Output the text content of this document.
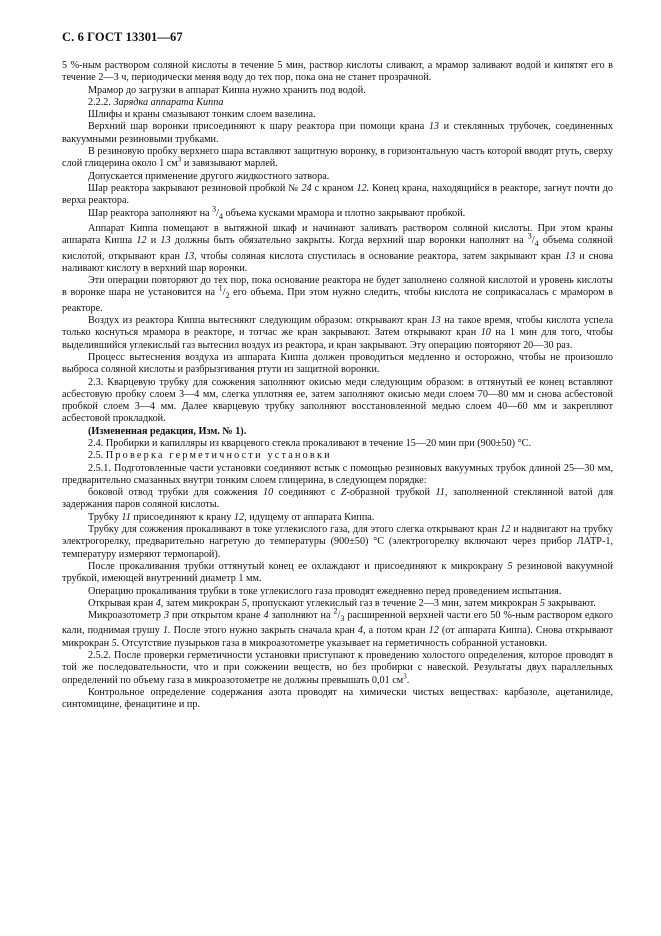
С. 6 ГОСТ 13301—67

5 %-ным раствором соляной кислоты в течение 5 мин, раствор кислоты сливают, а мрамор заливают водой и кипятят его в течение 2—3 ч, периодически меняя воду до тех пор, пока она не станет прозрачной.

Мрамор до загрузки в аппарат Киппа нужно хранить под водой.

2.2.2. Зарядка аппарата Киппа

Шлифы и краны смазывают тонким слоем вазелина.

Верхний шар воронки присоединяют к шару реактора при помощи крана 13 и стеклянных трубочек, соединенных вакуумными резиновыми трубками.

В резиновую пробку верхнего шара вставляют защитную воронку, в горизонтальную часть которой вводят ртуть, сверху слой глицерина около 1 $см^3$ и завязывают марлей.

Допускается применение другого жидкостного затвора.

Шар реактора закрывают резиновой пробкой № 24 с краном 12. Конец крана, находящийся в реакторе, загнут почти до верха реактора.

Шар реактора заполняют на $^3/_4$ объема кусками мрамора и плотно закрывают пробкой.

Аппарат Киппа помещают в вытяжной шкаф и начинают заливать раствором соляной кислоты. При этом краны аппарата Киппа 12 и 13 должны быть обязательно закрыты. Когда верхний шар воронки наполнят на $^3/_4$ объема соляной кислотой, открывают кран 13, чтобы соляная кислота спустилась в основание реактора, затем закрывают кран 13 и снова наливают кислоту в верхний шар воронки.

Эти операции повторяют до тех пор, пока основание реактора не будет заполнено соляной кислотой и уровень кислоты в воронке шара не установится на $^1/_2$ его объема. При этом нужно следить, чтобы кислота не соприкасалась с мрамором в реакторе.

Воздух из реактора Киппа вытесняют следующим образом: открывают кран 13 на такое время, чтобы кислота успела только коснуться мрамора в реакторе, и тотчас же кран закрывают. Затем открывают кран 10 на 1 мин для того, чтобы выделившийся углекислый газ вытеснил воздух из реактора, и кран закрывают. Эту операцию повторяют 20—30 раз.

Процесс вытеснения воздуха из аппарата Киппа должен проводиться медленно и осторожно, чтобы не произошло выброса соляной кислоты и разбрызгивания ртути из защитной воронки.

2.3. Кварцевую трубку для сожжения заполняют окисью меди следующим образом: в оттянутый ее конец вставляют асбестовую пробку слоем 3—4 мм, слегка уплотняя ее, затем заполняют окисью меди слоем 70—80 мм и снова асбестовой пробкой слоем 3—4 мм. Далее кварцевую трубку заполняют восстановленной медью слоем 40—60 мм и закрепляют асбестовой прокладкой.

(Измененная редакция, Изм. № 1).

2.4. Пробирки и капилляры из кварцевого стекла прокаливают в течение 15—20 мин при (900±50) °С.

2.5. Проверка герметичности установки

2.5.1. Подготовленные части установки соединяют встык с помощью резиновых вакуумных трубок длиной 25—30 мм, предварительно смазанных внутри тонким слоем глицерина, в следующем порядке:

боковой отвод трубки для сожжения 10 соединяют с Z-образной трубкой 11, заполненной стеклянной ватой для задержания паров соляной кислоты.

Трубку 11 присоединяют к крану 12, идущему от аппарата Киппа.

Трубку для сожжения прокаливают в токе углекислого газа, для этого слегка открывают кран 12 и надвигают на трубку электрогорелку, предварительно нагретую до температуры (900±50) °С (электрогорелку включают через прибор ЛАТР-1, температуру измеряют термопарой).

После прокаливания трубки оттянутый конец ее охлаждают и присоединяют к микрокрану 5 резиновой вакуумной трубкой, имеющей внутренний диаметр 1 мм.

Операцию прокаливания трубки в токе углекислого газа проводят ежедневно перед проведением испытания.

Открывая кран 4, затем микрокран 5, пропускают углекислый газ в течение 2—3 мин, затем микрокран 5 закрывают.

Микроазотометр 3 при открытом кране 4 заполняют на $^2/_3$ расширенной верхней части его 50 %-ным раствором едкого кали, поднимая грушу 1. После этого нужно закрыть сначала кран 4, а потом кран 12 (от аппарата Киппа). Снова открывают микрокран 5. Отсутствие пузырьков газа в микроазотометре указывает на герметичность собранной установки.

2.5.2. После проверки герметичности установки приступают к проведению холостого определения, которое проводят в той же последовательности, что и при сожжении веществ, но без пробирки с навеской. Результаты двух параллельных определений по объему газа в микроазотометре не должны превышать 0,01 $см^3$.

Контрольное определение содержания азота проводят на химически чистых веществах: карбазоле, ацетанилиде, синтомицине, фенацитине и пр.
